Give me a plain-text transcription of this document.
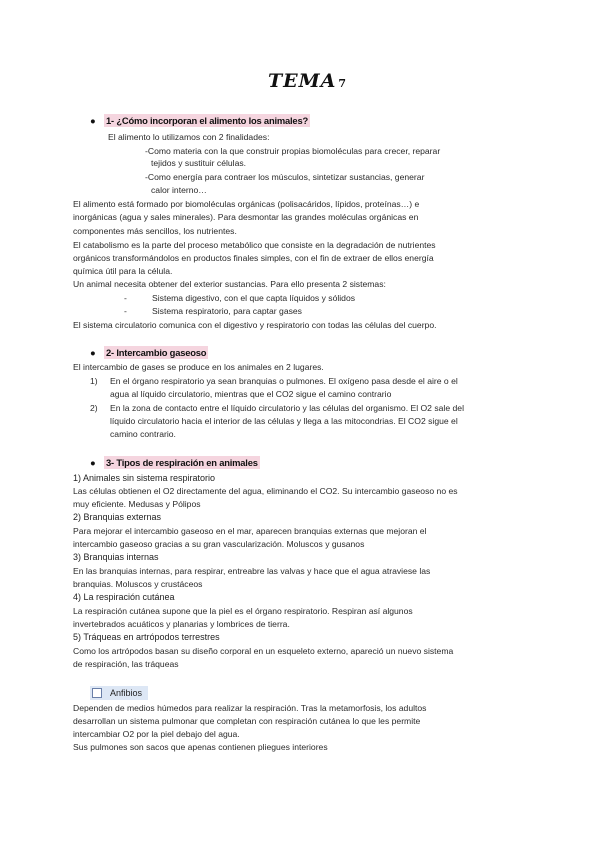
TEMA 7
● 1- ¿Cómo incorporan el alimento los animales?
El alimento lo utilizamos con 2 finalidades:
-Como materia con la que construir propias biomoléculas para crecer, reparar
tejidos y sustituir células.
-Como energía para contraer los músculos, sintetizar sustancias, generar
calor interno…
El alimento está formado por biomoléculas orgánicas (polisacáridos, lípidos, proteínas…) e
inorgánicas (agua y sales minerales). Para desmontar las grandes moléculas orgánicas en
componentes más sencillos, los nutrientes.
El catabolismo es la parte del proceso metabólico que consiste en la degradación de nutrientes
orgánicos transformándolos en productos finales simples, con el fin de extraer de ellos energía
química útil para la célula.
Un animal necesita obtener del exterior sustancias. Para ello presenta 2 sistemas:
-	Sistema digestivo, con el que capta líquidos y sólidos
-	Sistema respiratorio, para captar gases
El sistema circulatorio comunica con el digestivo y respiratorio con todas las células del cuerpo.
● 2- Intercambio gaseoso
El intercambio de gases se produce en los animales en 2 lugares.
1) En el órgano respiratorio ya sean branquias o pulmones. El oxígeno pasa desde el aire o el
agua al líquido circulatorio, mientras que el CO2 sigue el camino contrario
2) En la zona de contacto entre el líquido circulatorio y las células del organismo. El O2 sale del
líquido circulatorio hacia el interior de las células y llega a las mitocondrias. El CO2 sigue el
camino contrario.
● 3- Tipos de respiración en animales
1) Animales sin sistema respiratorio
Las células obtienen el O2 directamente del agua, eliminando el CO2. Su intercambio gaseoso no es
muy eficiente. Medusas y Pólipos
2) Branquias externas
Para mejorar el intercambio gaseoso en el mar, aparecen branquias externas que mejoran el
intercambio gaseoso gracias a su gran vascularización. Moluscos y gusanos
3) Branquias internas
En las branquias internas, para respirar, entreabre las valvas y hace que el agua atraviese las
branquias. Moluscos y crustáceos
4) La respiración cutánea
La respiración cutánea supone que la piel es el órgano respiratorio. Respiran así algunos
invertebrados acuáticos y planarias y lombrices de tierra.
5) Tráqueas en artrópodos terrestres
Como los artrópodos basan su diseño corporal en un esqueleto externo, apareció un nuevo sistema
de respiración, las tráqueas
Anfibios
Dependen de medios húmedos para realizar la respiración. Tras la metamorfosis, los adultos
desarrollan un sistema pulmonar que completan con respiración cutánea lo que les permite
intercambiar O2 por la piel debajo del agua.
Sus pulmones son sacos que apenas contienen pliegues interiores
